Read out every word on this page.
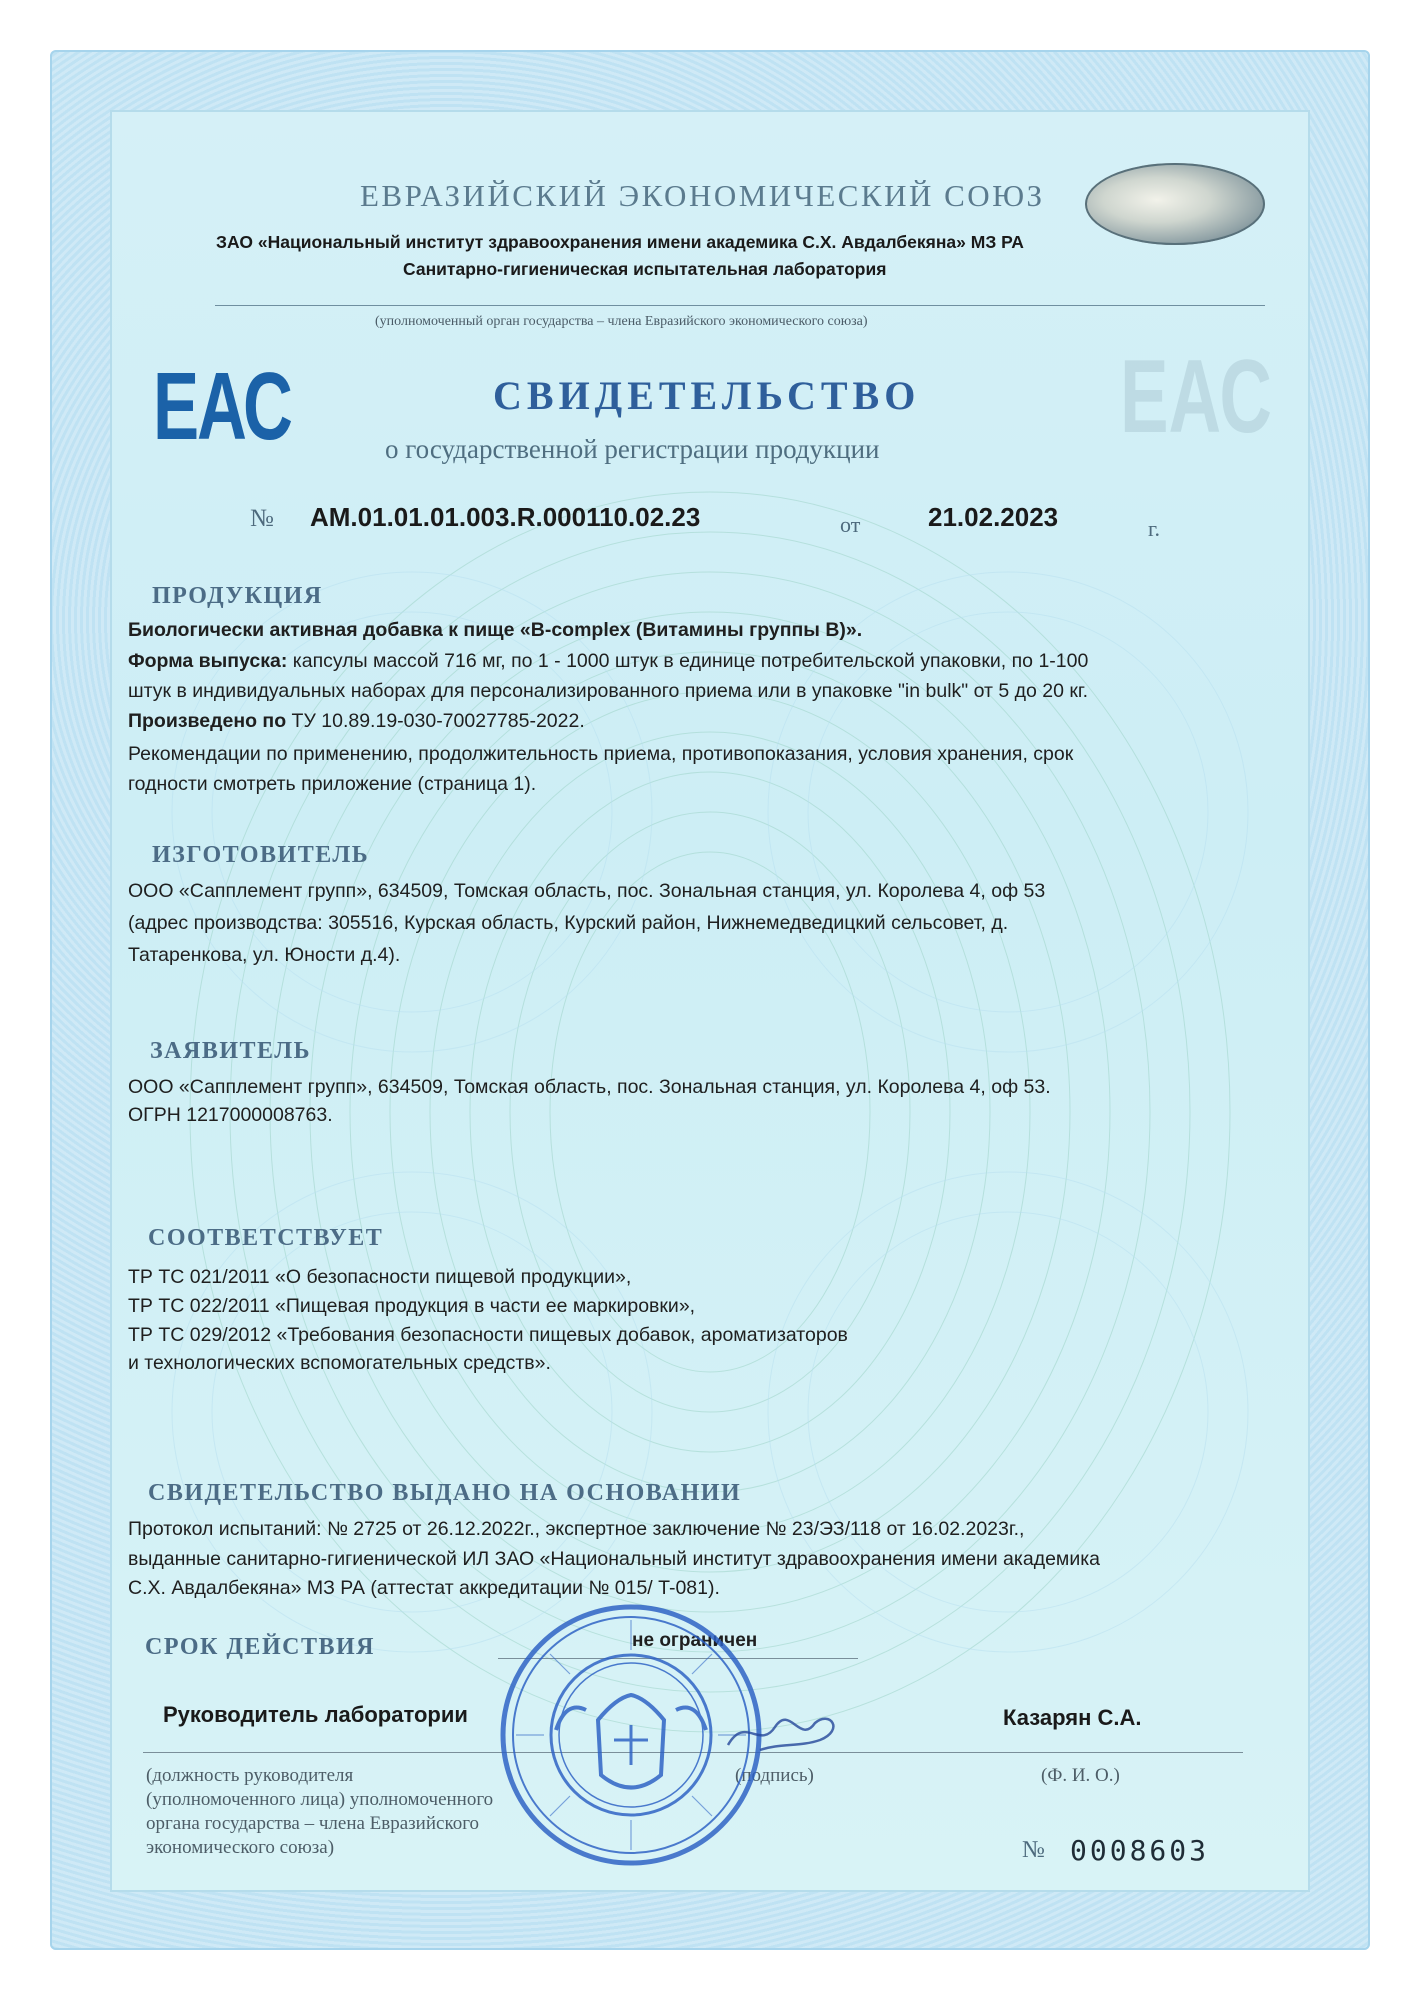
ЕВРАЗИЙСКИЙ ЭКОНОМИЧЕСКИЙ СОЮЗ

ЗАО «Национальный институт здравоохранения имени академика С.Х. Авдалбекяна» МЗ РА

Санитарно-гигиеническая испытательная лаборатория

(уполномоченный орган государства – члена Евразийского экономического союза)

ЕАС	ЕАС

СВИДЕТЕЛЬСТВО

о государственной регистрации продукции

№ AM.01.01.01.003.R.000110.02.23	от	21.02.2023	г.

ПРОДУКЦИЯ

Биологически активная добавка к пище «B-complex (Витамины группы В)».

Форма выпуска: капсулы массой 716 мг, по 1 - 1000 штук в единице потребительской упаковки, по 1-100

штук в индивидуальных наборах для персонализированного приема или в упаковке "in bulk" от 5 до 20 кг.

Произведено по ТУ 10.89.19-030-70027785-2022.

Рекомендации по применению, продолжительность приема, противопоказания, условия хранения, срок

годности смотреть приложение (страница 1).

ИЗГОТОВИТЕЛЬ

ООО «Сапплемент групп», 634509, Томская область, пос. Зональная станция, ул. Королева 4, оф 53

(адрес производства: 305516, Курская область, Курский район, Нижнемедведицкий сельсовет, д.

Татаренкова, ул. Юности д.4).

ЗАЯВИТЕЛЬ

ООО «Сапплемент групп», 634509, Томская область, пос. Зональная станция, ул. Королева 4, оф 53.

ОГРН 1217000008763.

СООТВЕТСТВУЕТ

ТР ТС 021/2011 «О безопасности пищевой продукции»,

ТР ТС 022/2011 «Пищевая продукция в части ее маркировки»,

ТР ТС 029/2012 «Требования безопасности пищевых добавок, ароматизаторов

и технологических вспомогательных средств».

СВИДЕТЕЛЬСТВО ВЫДАНО НА ОСНОВАНИИ

Протокол испытаний: № 2725 от 26.12.2022г., экспертное заключение № 23/ЭЗ/118 от 16.02.2023г.,

выданные санитарно-гигиенической ИЛ ЗАО «Национальный институт здравоохранения имени академика

С.Х. Авдалбекяна» МЗ РА (аттестат аккредитации № 015/ T-081).

СРОК ДЕЙСТВИЯ	не ограничен

Руководитель лаборатории	Казарян С.А.

(должность руководителя

(уполномоченного лица) уполномоченного

органа государства – члена Евразийского

экономического союза)

(подпись)	(Ф. И. О.)

№ 0008603
